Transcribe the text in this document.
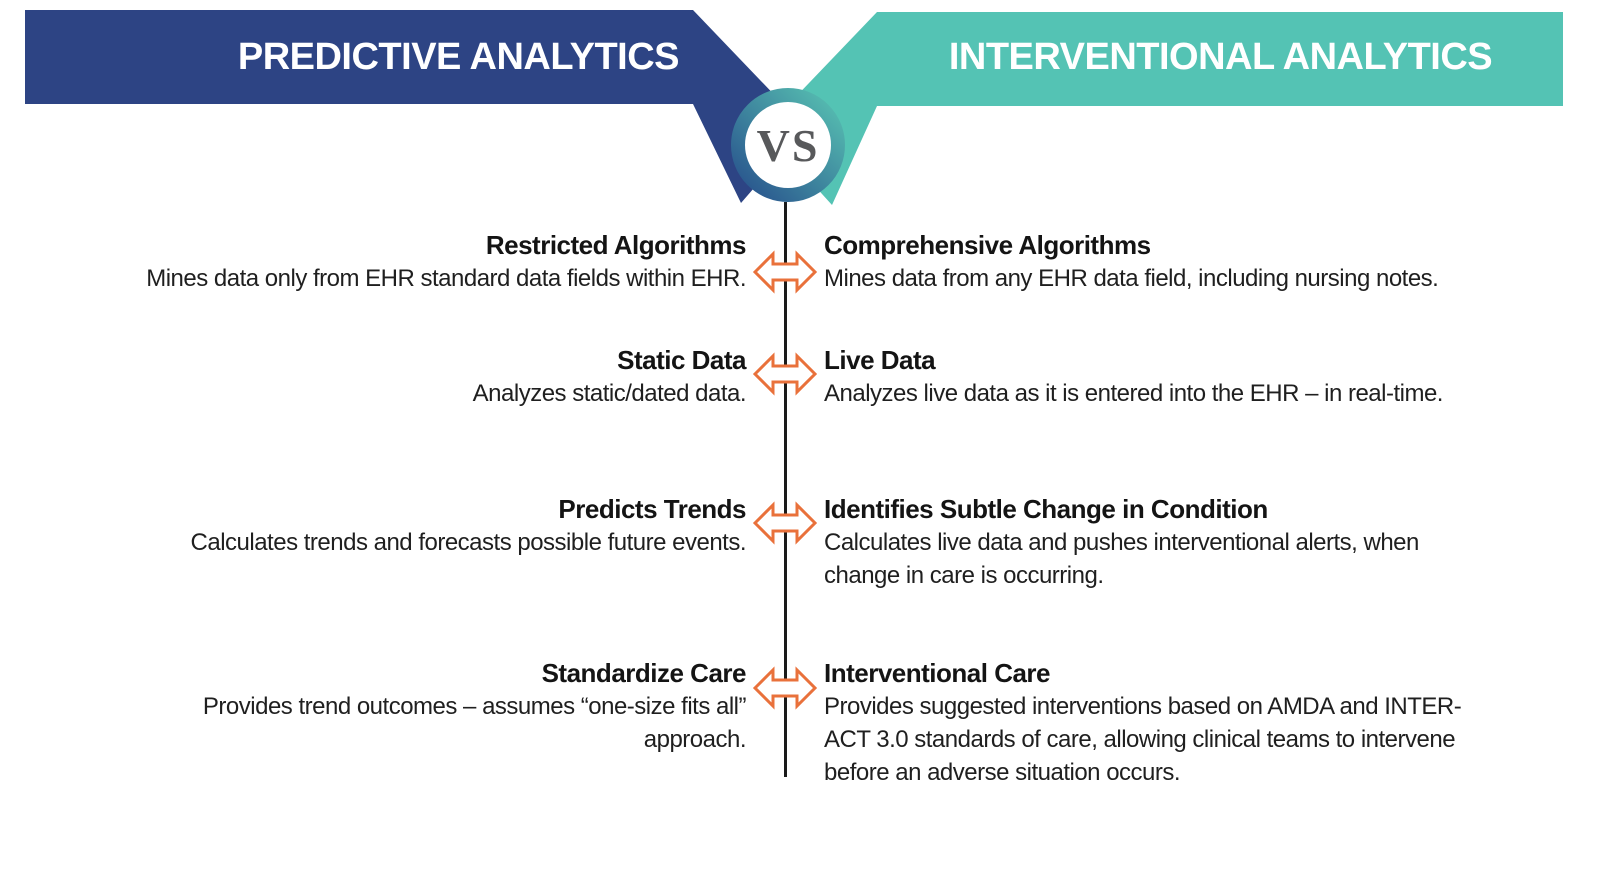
PREDICTIVE ANALYTICS	INTERVENTIONAL ANALYTICS
VS
Restricted Algorithms
Mines data only from EHR standard data fields within EHR.
Comprehensive Algorithms
Mines data from any EHR data field, including nursing notes.
Static Data
Analyzes static/dated data.
Live Data
Analyzes live data as it is entered into the EHR – in real-time.
Predicts Trends
Calculates trends and forecasts possible future events.
Identifies Subtle Change in Condition
Calculates live data and pushes interventional alerts, when
change in care is occurring.
Standardize Care
Provides trend outcomes – assumes “one-size fits all”
approach.
Interventional Care
Provides suggested interventions based on AMDA and INTER-
ACT 3.0 standards of care, allowing clinical teams to intervene
before an adverse situation occurs.
